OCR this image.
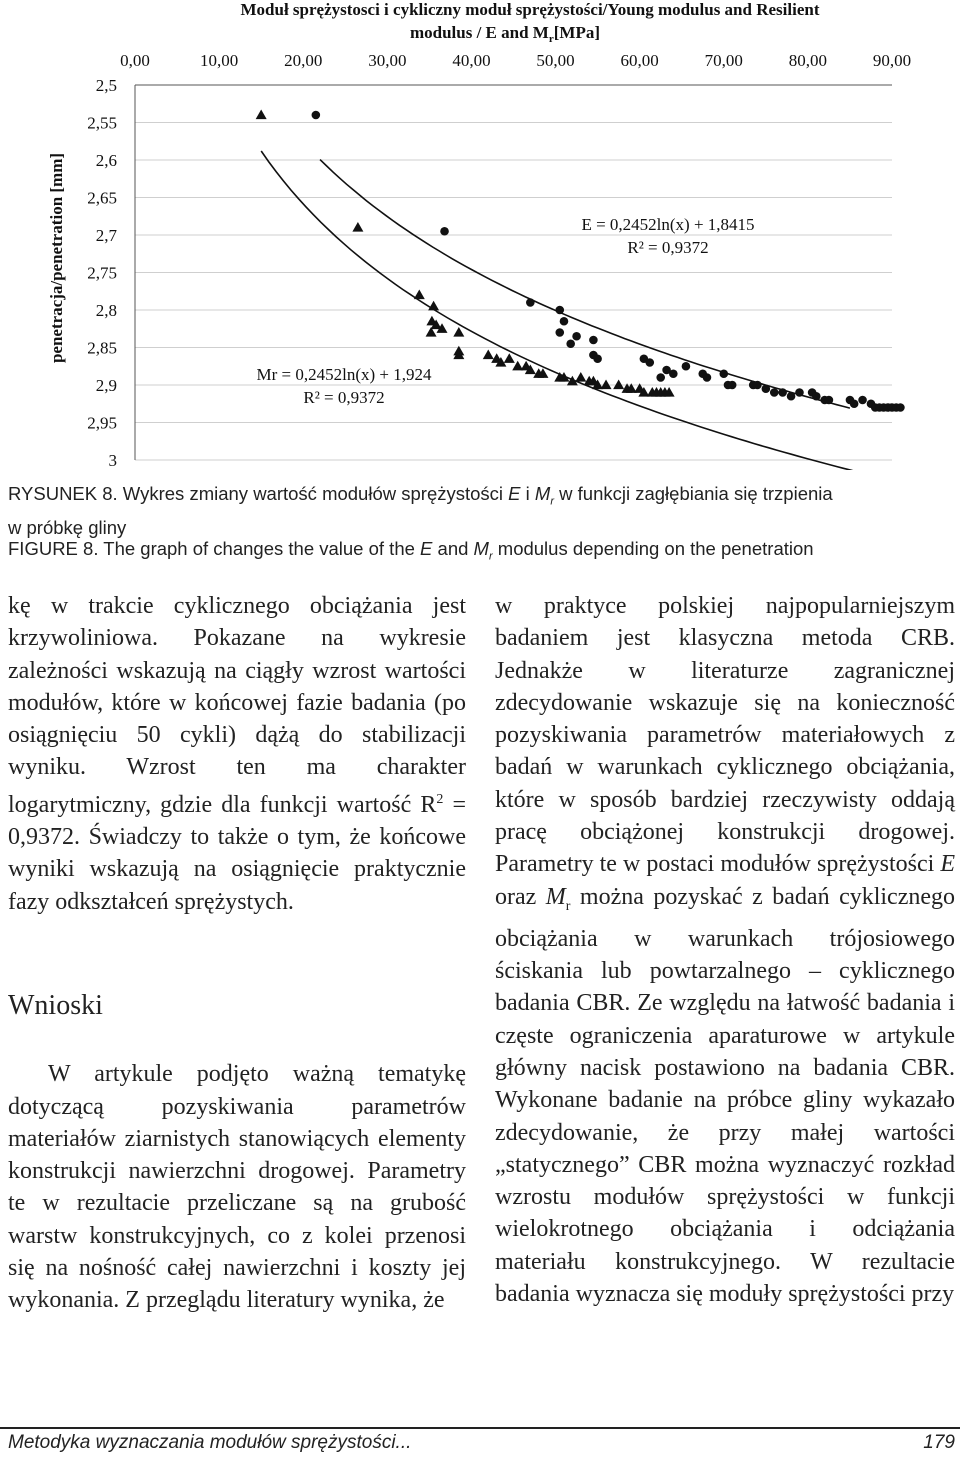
Moduł sprężystosci i cykliczny moduł sprężystości/Young modulus and Resilient
modulus / E and $M_r[MPa]$
penetracja/penetration [mm]
0,00	10,00	20,00	30,00	40,00	50,00	60,00	70,00	80,00	90,00
2,5
2,55
2,6
2,65
2,7
2,75
2,8
2,85
2,9
2,95
3
E = 0,2452ln(x) + 1,8415
R² = 0,9372
Mr = 0,2452ln(x) + 1,924
R² = 0,9372
RYSUNEK 8. Wykres zmiany wartość modułów sprężystości E i $M_r$ w funkcji zagłębiania się trzpienia
w próbkę gliny
FIGURE 8. The graph of changes the value of the E and $M_r$ modulus depending on the penetration

kę w trakcie cyklicznego obciążania jest krzywoliniowa. Pokazane na wykresie zależności wskazują na ciągły wzrost wartości modułów, które w końcowej fazie badania (po osiągnięciu 50 cykli) dążą do stabilizacji wyniku. Wzrost ten ma charakter logarytmiczny, gdzie dla funkcji wartość $R^2 = 0,9372$. Świadczy to także o tym, że końcowe wyniki wskazują na osiągnięcie praktycznie fazy odkształceń sprężystych.

Wnioski

W artykule podjęto ważną tematykę dotyczącą pozyskiwania parametrów materiałów ziarnistych stanowiących elementy konstrukcji nawierzchni drogowej. Parametry te w rezultacie przeliczane są na grubość warstw konstrukcyjnych, co z kolei przenosi się na nośność całej nawierzchni i koszty jej wykonania. Z przeglądu literatury wynika, że

w praktyce polskiej najpopularniejszym badaniem jest klasyczna metoda CRB. Jednakże w literaturze zagranicznej zdecydowanie wskazuje się na konieczność pozyskiwania parametrów materiałowych z badań w warunkach cyklicznego obciążania, które w sposób bardziej rzeczywisty oddają pracę obciążonej konstrukcji drogowej. Parametry te w postaci modułów sprężystości E oraz $M_r$ można pozyskać z badań cyklicznego obciążania w warunkach trójosiowego ściskania lub powtarzalnego – cyklicznego badania CBR. Ze względu na łatwość badania i częste ograniczenia aparaturowe w artykule główny nacisk postawiono na badania CBR. Wykonane badanie na próbce gliny wykazało zdecydowanie, że przy małej wartości „statycznego” CBR można wyznaczyć rozkład wzrostu modułów sprężystości w funkcji wielokrotnego obciążania i odciążania materiału konstrukcyjnego. W rezultacie badania wyznacza się moduły sprężystości przy

Metodyka wyznaczania modułów sprężystości...	179
